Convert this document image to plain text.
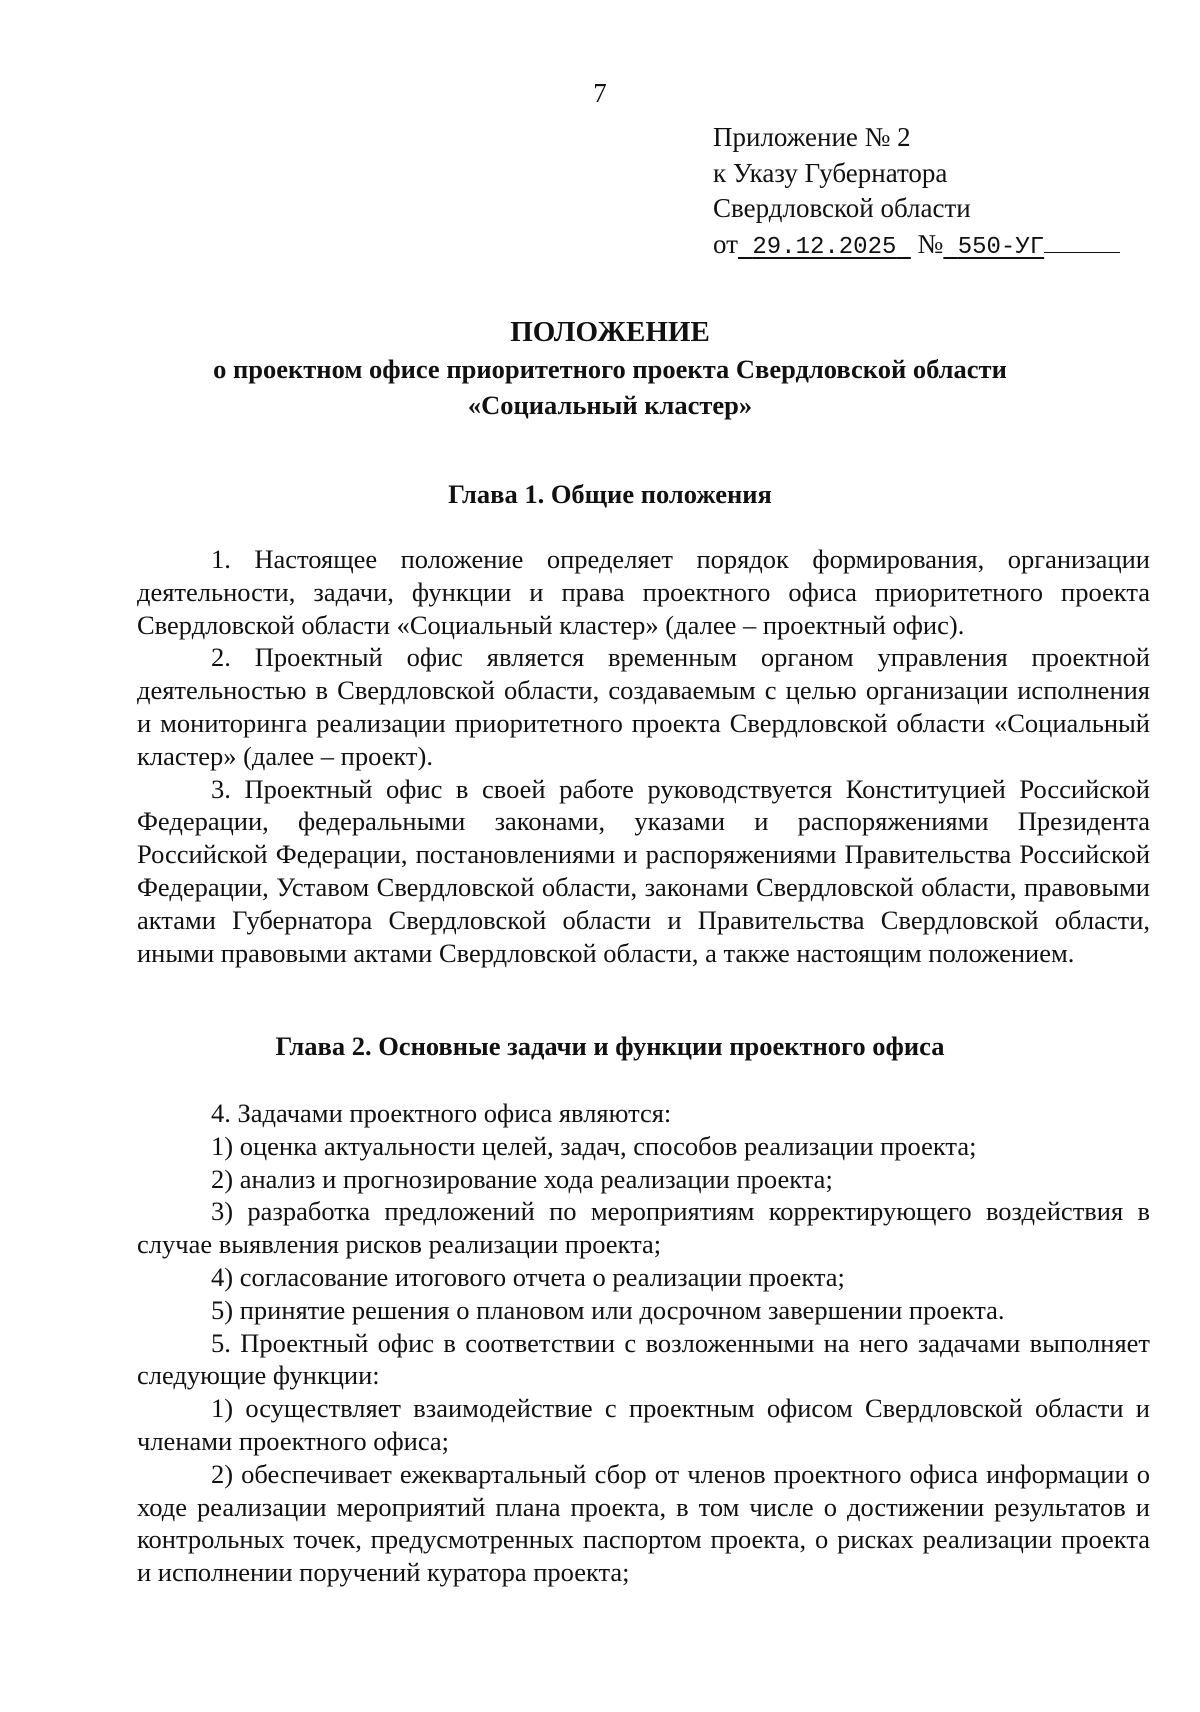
7
Приложение № 2
к Указу Губернатора
Свердловской области
от 29.12.2025 № 550-УГ
ПОЛОЖЕНИЕ
о проектном офисе приоритетного проекта Свердловской области
«Социальный кластер»
Глава 1. Общие положения

1. Настоящее положение определяет порядок формирования, организации деятельности, задачи, функции и права проектного офиса приоритетного проекта Свердловской области «Социальный кластер» (далее – проектный офис).

2. Проектный офис является временным органом управления проектной деятельностью в Свердловской области, создаваемым с целью организации исполнения и мониторинга реализации приоритетного проекта Свердловской области «Социальный кластер» (далее – проект).

3. Проектный офис в своей работе руководствуется Конституцией Российской Федерации, федеральными законами, указами и распоряжениями Президента Российской Федерации, постановлениями и распоряжениями Правительства Российской Федерации, Уставом Свердловской области, законами Свердловской области, правовыми актами Губернатора Свердловской области и Правительства Свердловской области, иными правовыми актами Свердловской области, а также настоящим положением.

Глава 2. Основные задачи и функции проектного офиса

4. Задачами проектного офиса являются:

1) оценка актуальности целей, задач, способов реализации проекта;

2) анализ и прогнозирование хода реализации проекта;

3) разработка предложений по мероприятиям корректирующего воздействия в случае выявления рисков реализации проекта;

4) согласование итогового отчета о реализации проекта;

5) принятие решения о плановом или досрочном завершении проекта.

5. Проектный офис в соответствии с возложенными на него задачами выполняет следующие функции:

1) осуществляет взаимодействие с проектным офисом Свердловской области и членами проектного офиса;

2) обеспечивает ежеквартальный сбор от членов проектного офиса информации о ходе реализации мероприятий плана проекта, в том числе о достижении результатов и контрольных точек, предусмотренных паспортом проекта, о рисках реализации проекта и исполнении поручений куратора проекта;
